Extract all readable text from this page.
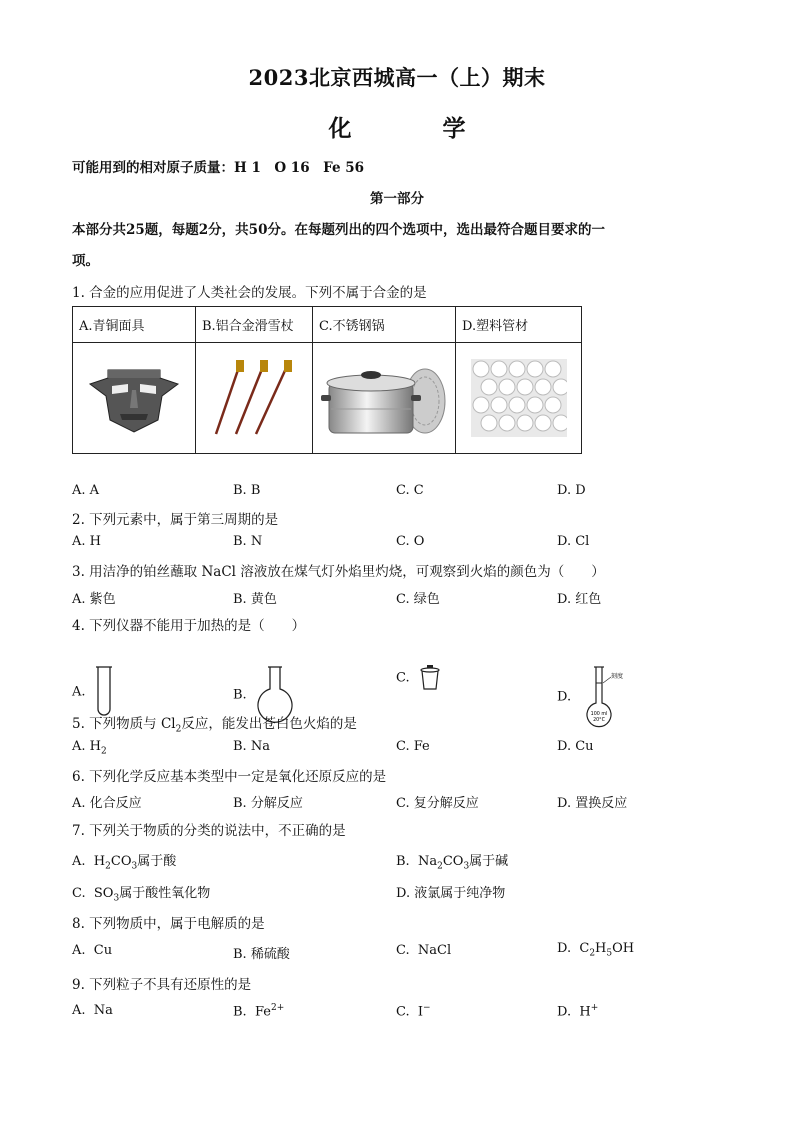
2023北京西城高一（上）期末
化　学
可能用到的相对原子质量：H 1　O 16　Fe 56
第一部分
本部分共25题，每题2分，共50分。在每题列出的四个选项中，选出最符合题目要求的一
项。
1. 合金的应用促进了人类社会的发展。下列不属于合金的是
A.青铜面具	B.铝合金滑雪杖	C.不锈钢锅	D.塑料管材

A. A	B. B	C. C	D. D
2. 下列元素中，属于第三周期的是
A. H	B. N	C. O	D. Cl
3. 用洁净的铂丝蘸取 NaCl 溶液放在煤气灯外焰里灼烧，可观察到火焰的颜色为（　　）
A. 紫色	B. 黄色	C. 绿色	D. 红色
4. 下列仪器不能用于加热的是（　　）
A.	B.
C.
D.
刻度
100 ml
20°C
5. 下列物质与 $Cl_2$反应，能发出苍白色火焰的是
A. $H_2$	B. Na	C. Fe	D. Cu
6. 下列化学反应基本类型中一定是氧化还原反应的是
A. 化合反应	B. 分解反应	C. 复分解反应	D. 置换反应
7. 下列关于物质的分类的说法中，不正确的是
A. $H_2CO_3$属于酸	B. $Na_2CO_3$属于碱
C. $SO_3$属于酸性氧化物	D. 液氯属于纯净物
8. 下列物质中，属于电解质的是
A. Cu	B. 稀硫酸	C. NaCl	D. $C_2H_5OH$
9. 下列粒子不具有还原性的是
A. Na	B. $Fe^{2+}$	C. I−	D. H+
